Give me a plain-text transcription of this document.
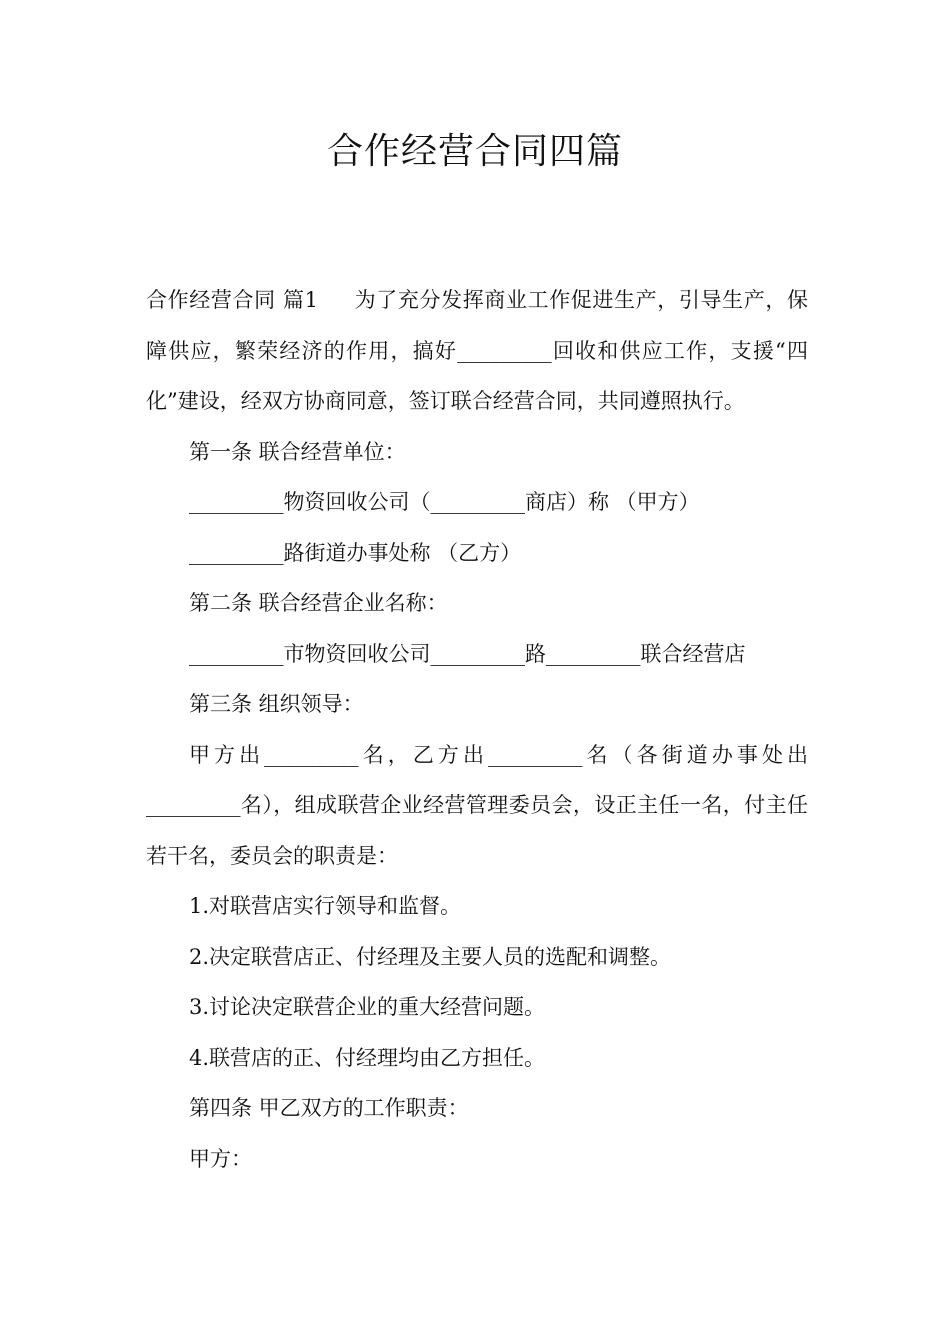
合作经营合同四篇

合作经营合同 篇1 为了充分发挥商业工作促进生产，引导生产，保障供应，繁荣经济的作用，搞好_________回收和供应工作，支援“四化”建设，经双方协商同意，签订联合经营合同，共同遵照执行。

第一条 联合经营单位：

_________物资回收公司（_________商店）称 （甲方）

_________路街道办事处称 （乙方）

第二条 联合经营企业名称：

_________市物资回收公司_________路_________联合经营店

第三条 组织领导：

甲方出_________名，乙方出_________名（各街道办事处出_________名），组成联营企业经营管理委员会，设正主任一名，付主任若干名，委员会的职责是：

1.对联营店实行领导和监督。

2.决定联营店正、付经理及主要人员的选配和调整。

3.讨论决定联营企业的重大经营问题。

4.联营店的正、付经理均由乙方担任。

第四条 甲乙双方的工作职责：

甲方：
